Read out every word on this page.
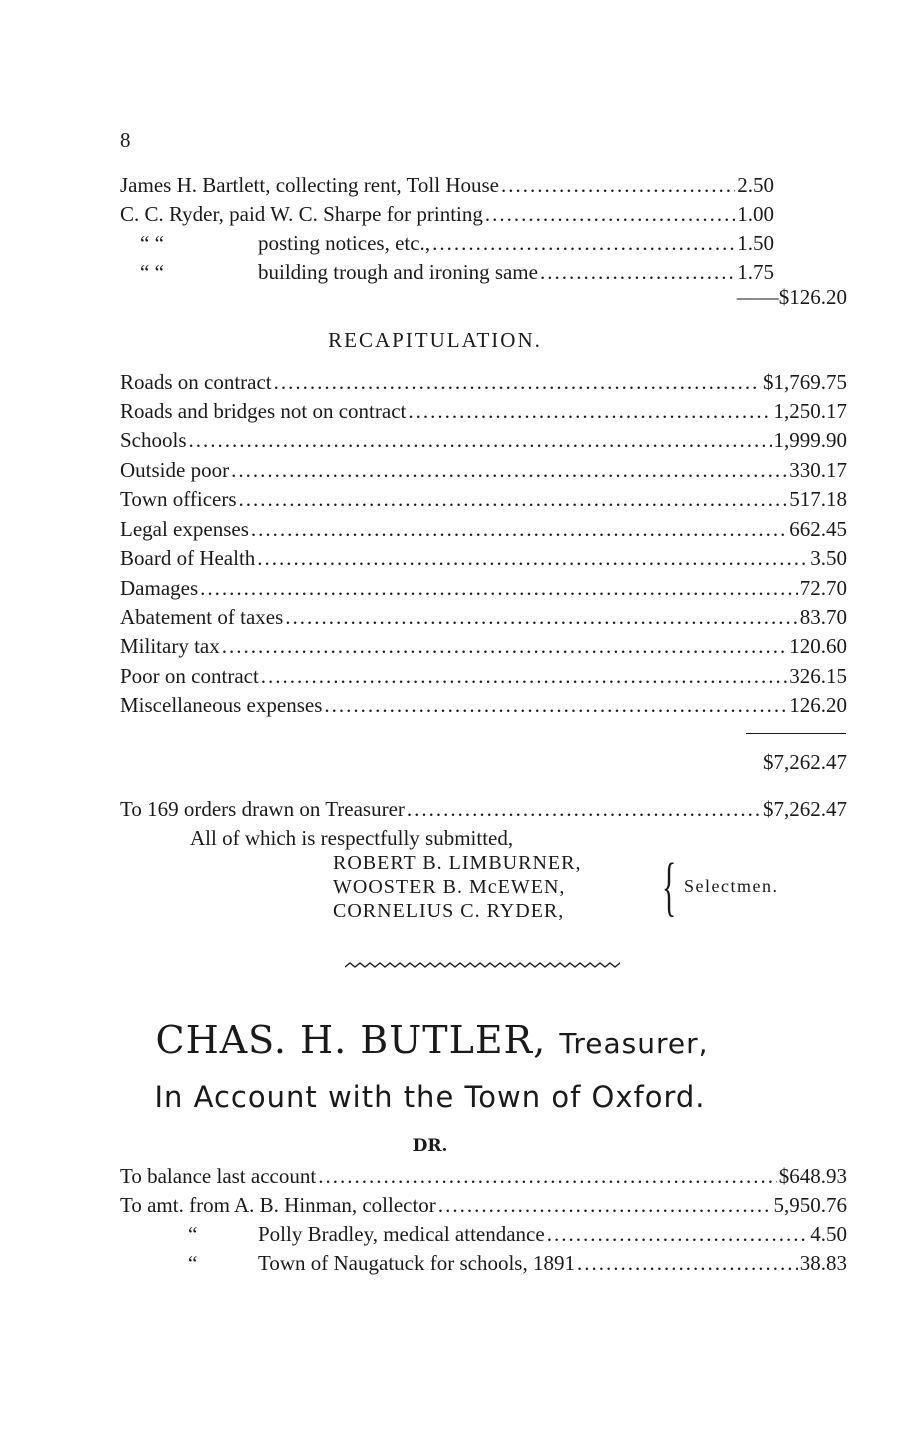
8
James H. Bartlett, collecting rent, Toll House .....	2.50
C. C. Ryder, paid W. C. Sharpe for printing .....	1.00
“ “	posting notices, etc., .....	1.50
“ “	building trough and ironing same .....	1.75
——$126.20
RECAPITULATION.
Roads on contract .....	$1,769.75
Roads and bridges not on contract .....	1,250.17
Schools .....	1,999.90
Outside poor .....	330.17
Town officers .....	517.18
Legal expenses .....	662.45
Board of Health .....	3.50
Damages .....	72.70
Abatement of taxes .....	83.70
Military tax .....	120.60
Poor on contract .....	326.15
Miscellaneous expenses .....	126.20
$7,262.47
To 169 orders drawn on Treasurer .....	$7,262.47
All of which is respectfully submitted,
ROBERT B. LIMBURNER,
WOOSTER B. McEWEN,
CORNELIUS C. RYDER, { Selectmen.
CHAS. H. BUTLER, Treasurer,
In Account with the Town of Oxford.
DR.
To balance last account .....	$648.93
To amt. from A. B. Hinman, collector .....	5,950.76
“	Polly Bradley, medical attendance .....	4.50
“	Town of Naugatuck for schools, 1891 .....	38.83
